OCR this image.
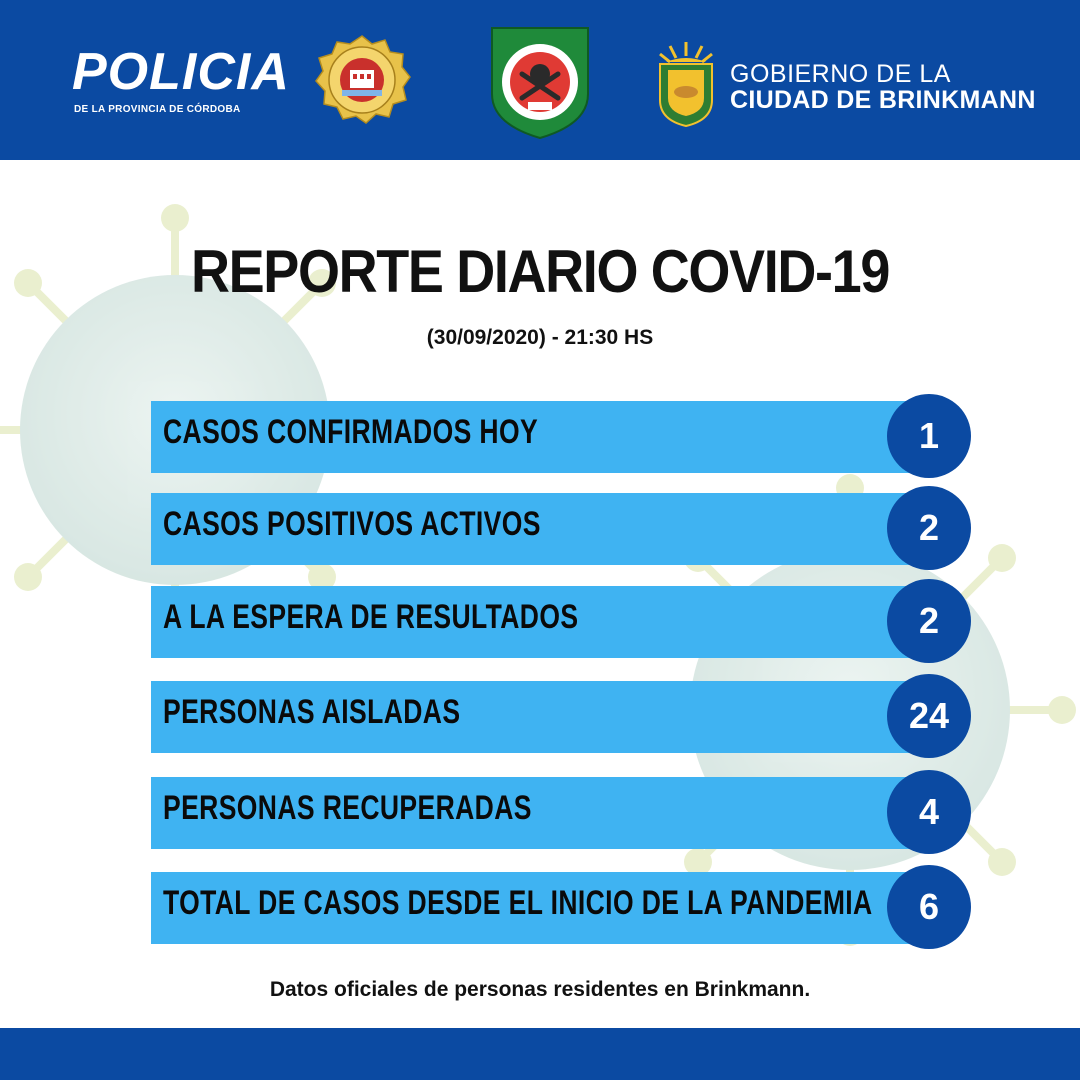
POLICIA
DE LA PROVINCIA DE CÓRDOBA
GOBIERNO DE LA
CIUDAD DE BRINKMANN
REPORTE DIARIO COVID-19
(30/09/2020) - 21:30 HS
CASOS CONFIRMADOS HOY	1
CASOS POSITIVOS ACTIVOS	2
A LA ESPERA DE RESULTADOS	2
PERSONAS AISLADAS	24
PERSONAS RECUPERADAS	4
TOTAL DE CASOS DESDE EL INICIO DE LA PANDEMIA	6
Datos oficiales de personas residentes en Brinkmann.
